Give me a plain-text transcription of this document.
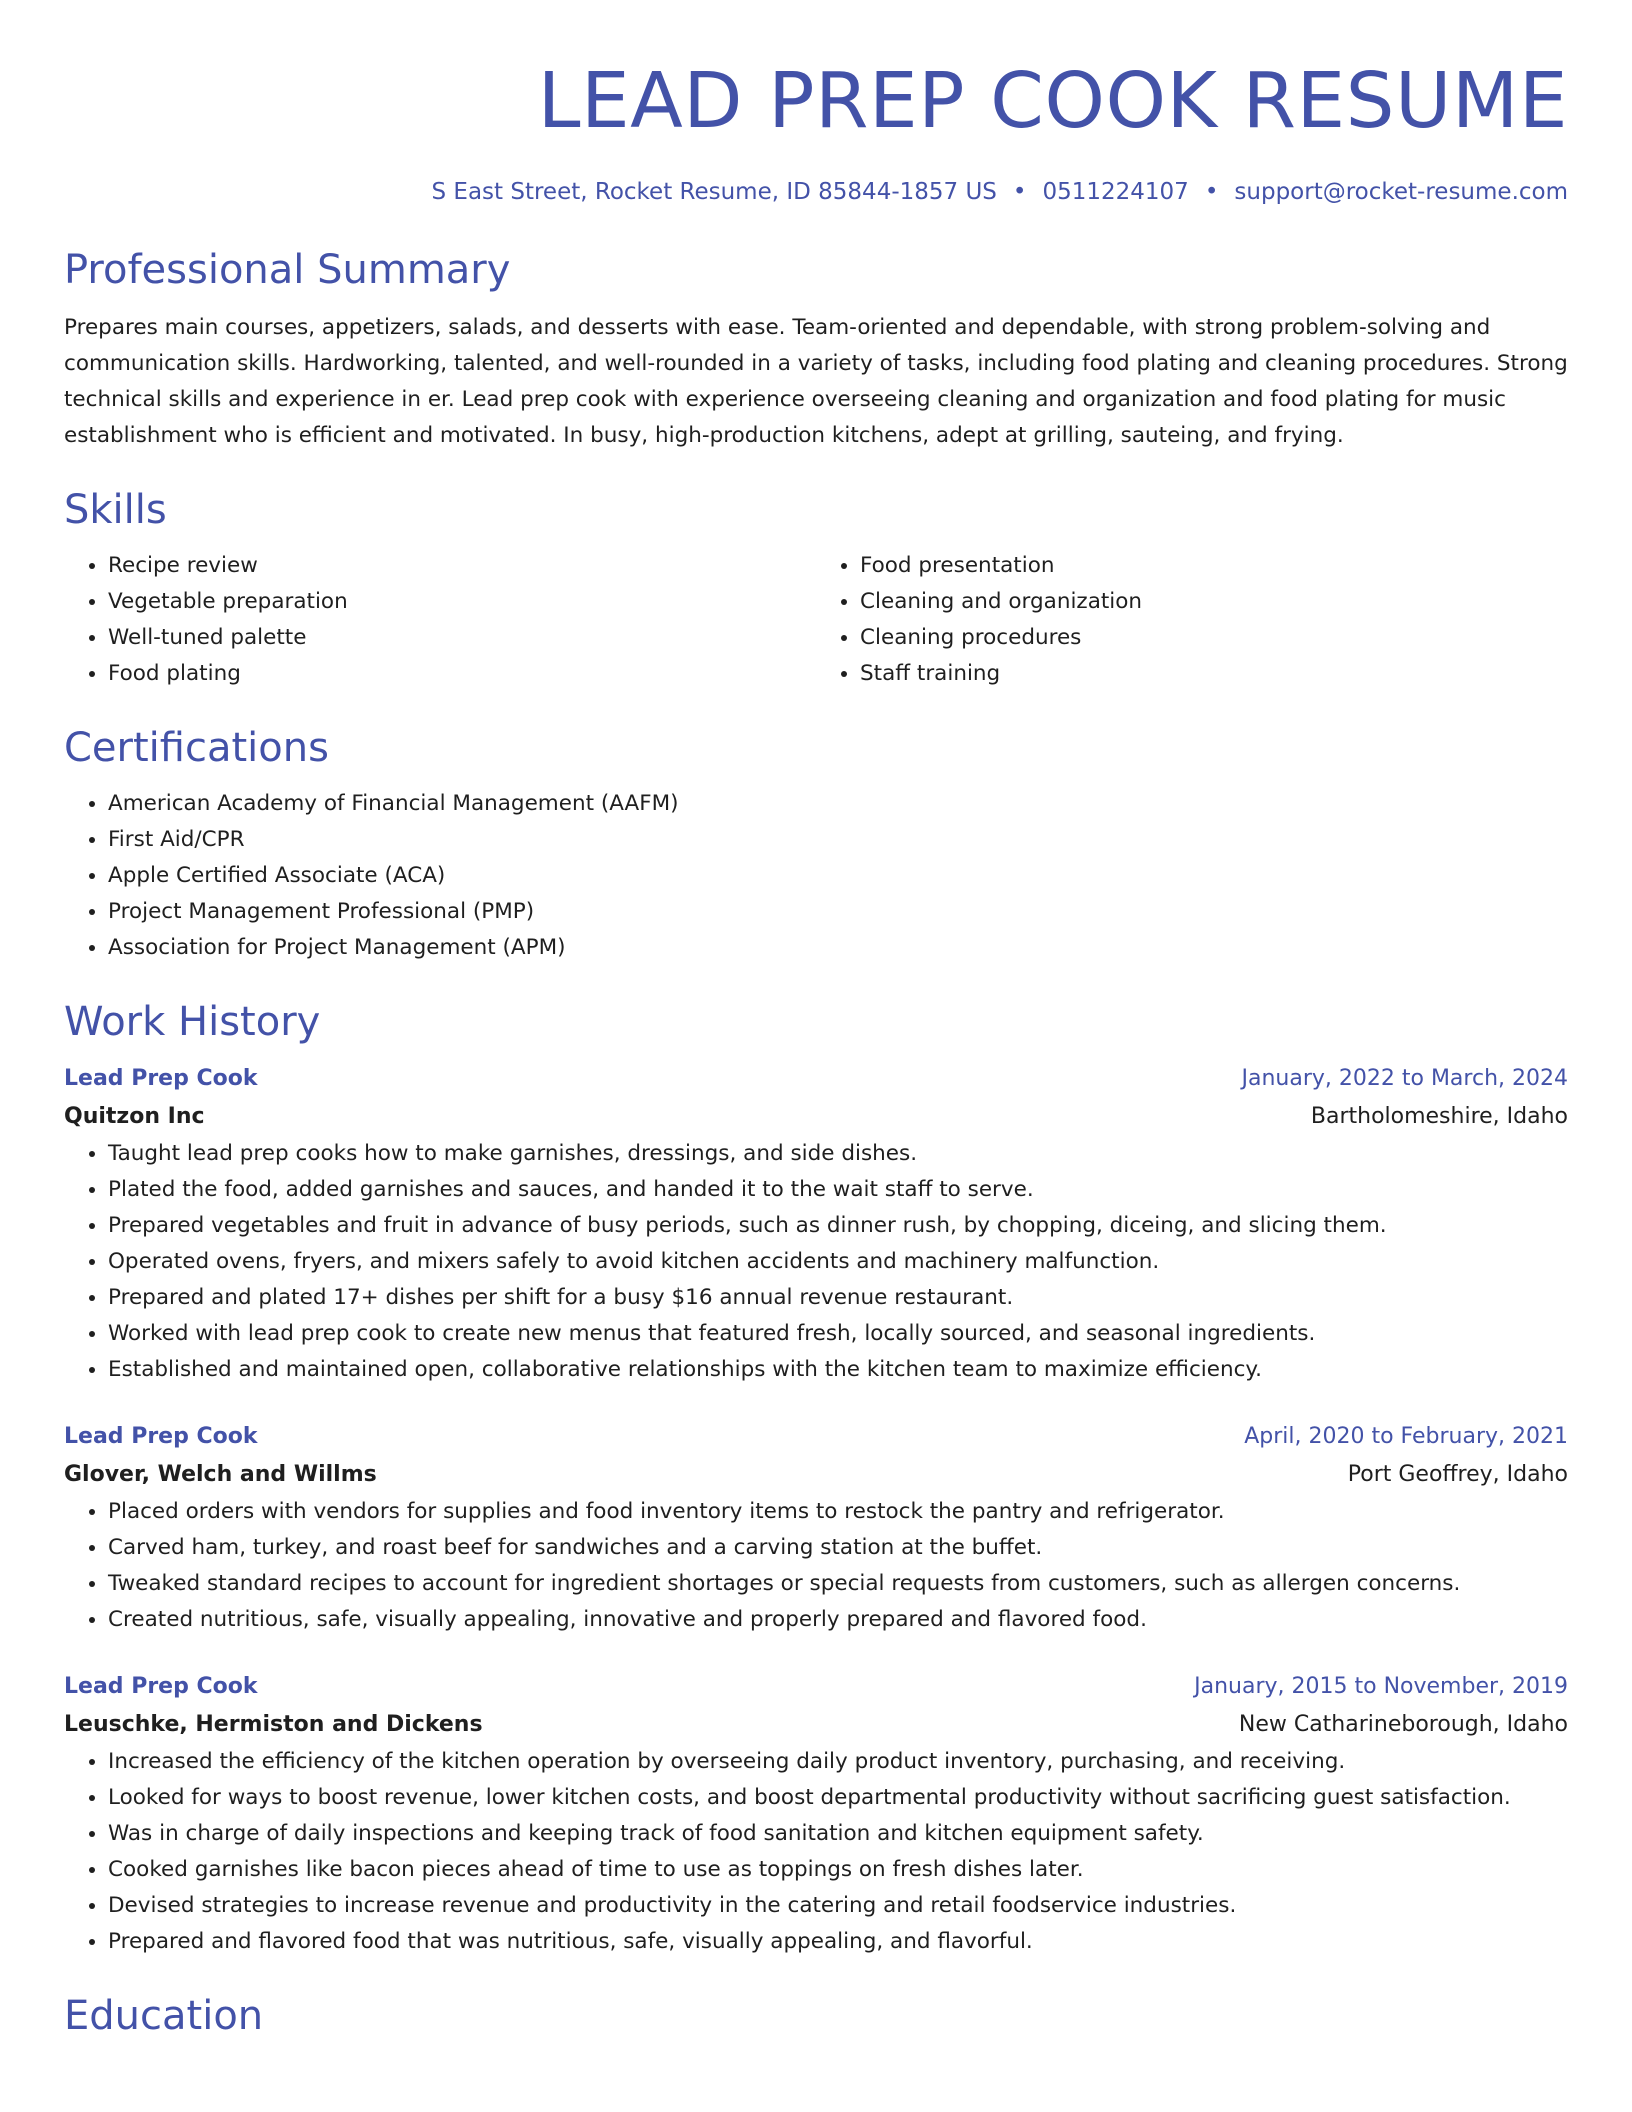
LEAD PREP COOK RESUME
S East Street, Rocket Resume, ID 85844-1857 US • 0511224107 • support@rocket-resume.com
Professional Summary

Prepares main courses, appetizers, salads, and desserts with ease. Team-oriented and dependable, with strong problem-solving and communication skills. Hardworking, talented, and well-rounded in a variety of tasks, including food plating and cleaning procedures. Strong technical skills and experience in er. Lead prep cook with experience overseeing cleaning and organization and food plating for music establishment who is efficient and motivated. In busy, high-production kitchens, adept at grilling, sauteing, and frying.

Skills
• Recipe review
• Vegetable preparation
• Well-tuned palette
• Food plating
• Food presentation
• Cleaning and organization
• Cleaning procedures
• Staff training
Certifications
• American Academy of Financial Management (AAFM)
• First Aid/CPR
• Apple Certified Associate (ACA)
• Project Management Professional (PMP)
• Association for Project Management (APM)
Work History
Lead Prep Cook	January, 2022 to March, 2024
Quitzon Inc	Bartholomeshire, Idaho
• Taught lead prep cooks how to make garnishes, dressings, and side dishes.
• Plated the food, added garnishes and sauces, and handed it to the wait staff to serve.
• Prepared vegetables and fruit in advance of busy periods, such as dinner rush, by chopping, diceing, and slicing them.
• Operated ovens, fryers, and mixers safely to avoid kitchen accidents and machinery malfunction.
• Prepared and plated 17+ dishes per shift for a busy $16 annual revenue restaurant.
• Worked with lead prep cook to create new menus that featured fresh, locally sourced, and seasonal ingredients.
• Established and maintained open, collaborative relationships with the kitchen team to maximize efficiency.
Lead Prep Cook	April, 2020 to February, 2021
Glover, Welch and Willms	Port Geoffrey, Idaho
• Placed orders with vendors for supplies and food inventory items to restock the pantry and refrigerator.
• Carved ham, turkey, and roast beef for sandwiches and a carving station at the buffet.
• Tweaked standard recipes to account for ingredient shortages or special requests from customers, such as allergen concerns.
• Created nutritious, safe, visually appealing, innovative and properly prepared and flavored food.
Lead Prep Cook	January, 2015 to November, 2019
Leuschke, Hermiston and Dickens	New Catharineborough, Idaho
• Increased the efficiency of the kitchen operation by overseeing daily product inventory, purchasing, and receiving.
• Looked for ways to boost revenue, lower kitchen costs, and boost departmental productivity without sacrificing guest satisfaction.
• Was in charge of daily inspections and keeping track of food sanitation and kitchen equipment safety.
• Cooked garnishes like bacon pieces ahead of time to use as toppings on fresh dishes later.
• Devised strategies to increase revenue and productivity in the catering and retail foodservice industries.
• Prepared and flavored food that was nutritious, safe, visually appealing, and flavorful.
Education
